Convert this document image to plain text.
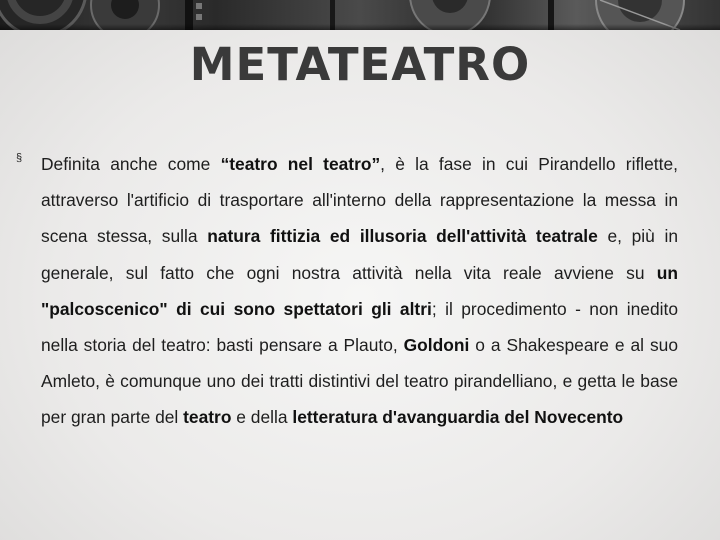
METATEATRO
§ Definita anche come “teatro nel teatro”, è la fase in cui Pirandello riflette, attraverso l'artificio di trasportare all'interno della rappresentazione la messa in scena stessa, sulla natura fittizia ed illusoria dell'attività teatrale e, più in generale, sul fatto che ogni nostra attività nella vita reale avviene su un "palcoscenico" di cui sono spettatori gli altri; il procedimento - non inedito nella storia del teatro: basti pensare a Plauto, Goldoni o a Shakespeare e al suo Amleto, è comunque uno dei tratti distintivi del teatro pirandelliano, e getta le base per gran parte del teatro e della letteratura d'avanguardia del Novecento
